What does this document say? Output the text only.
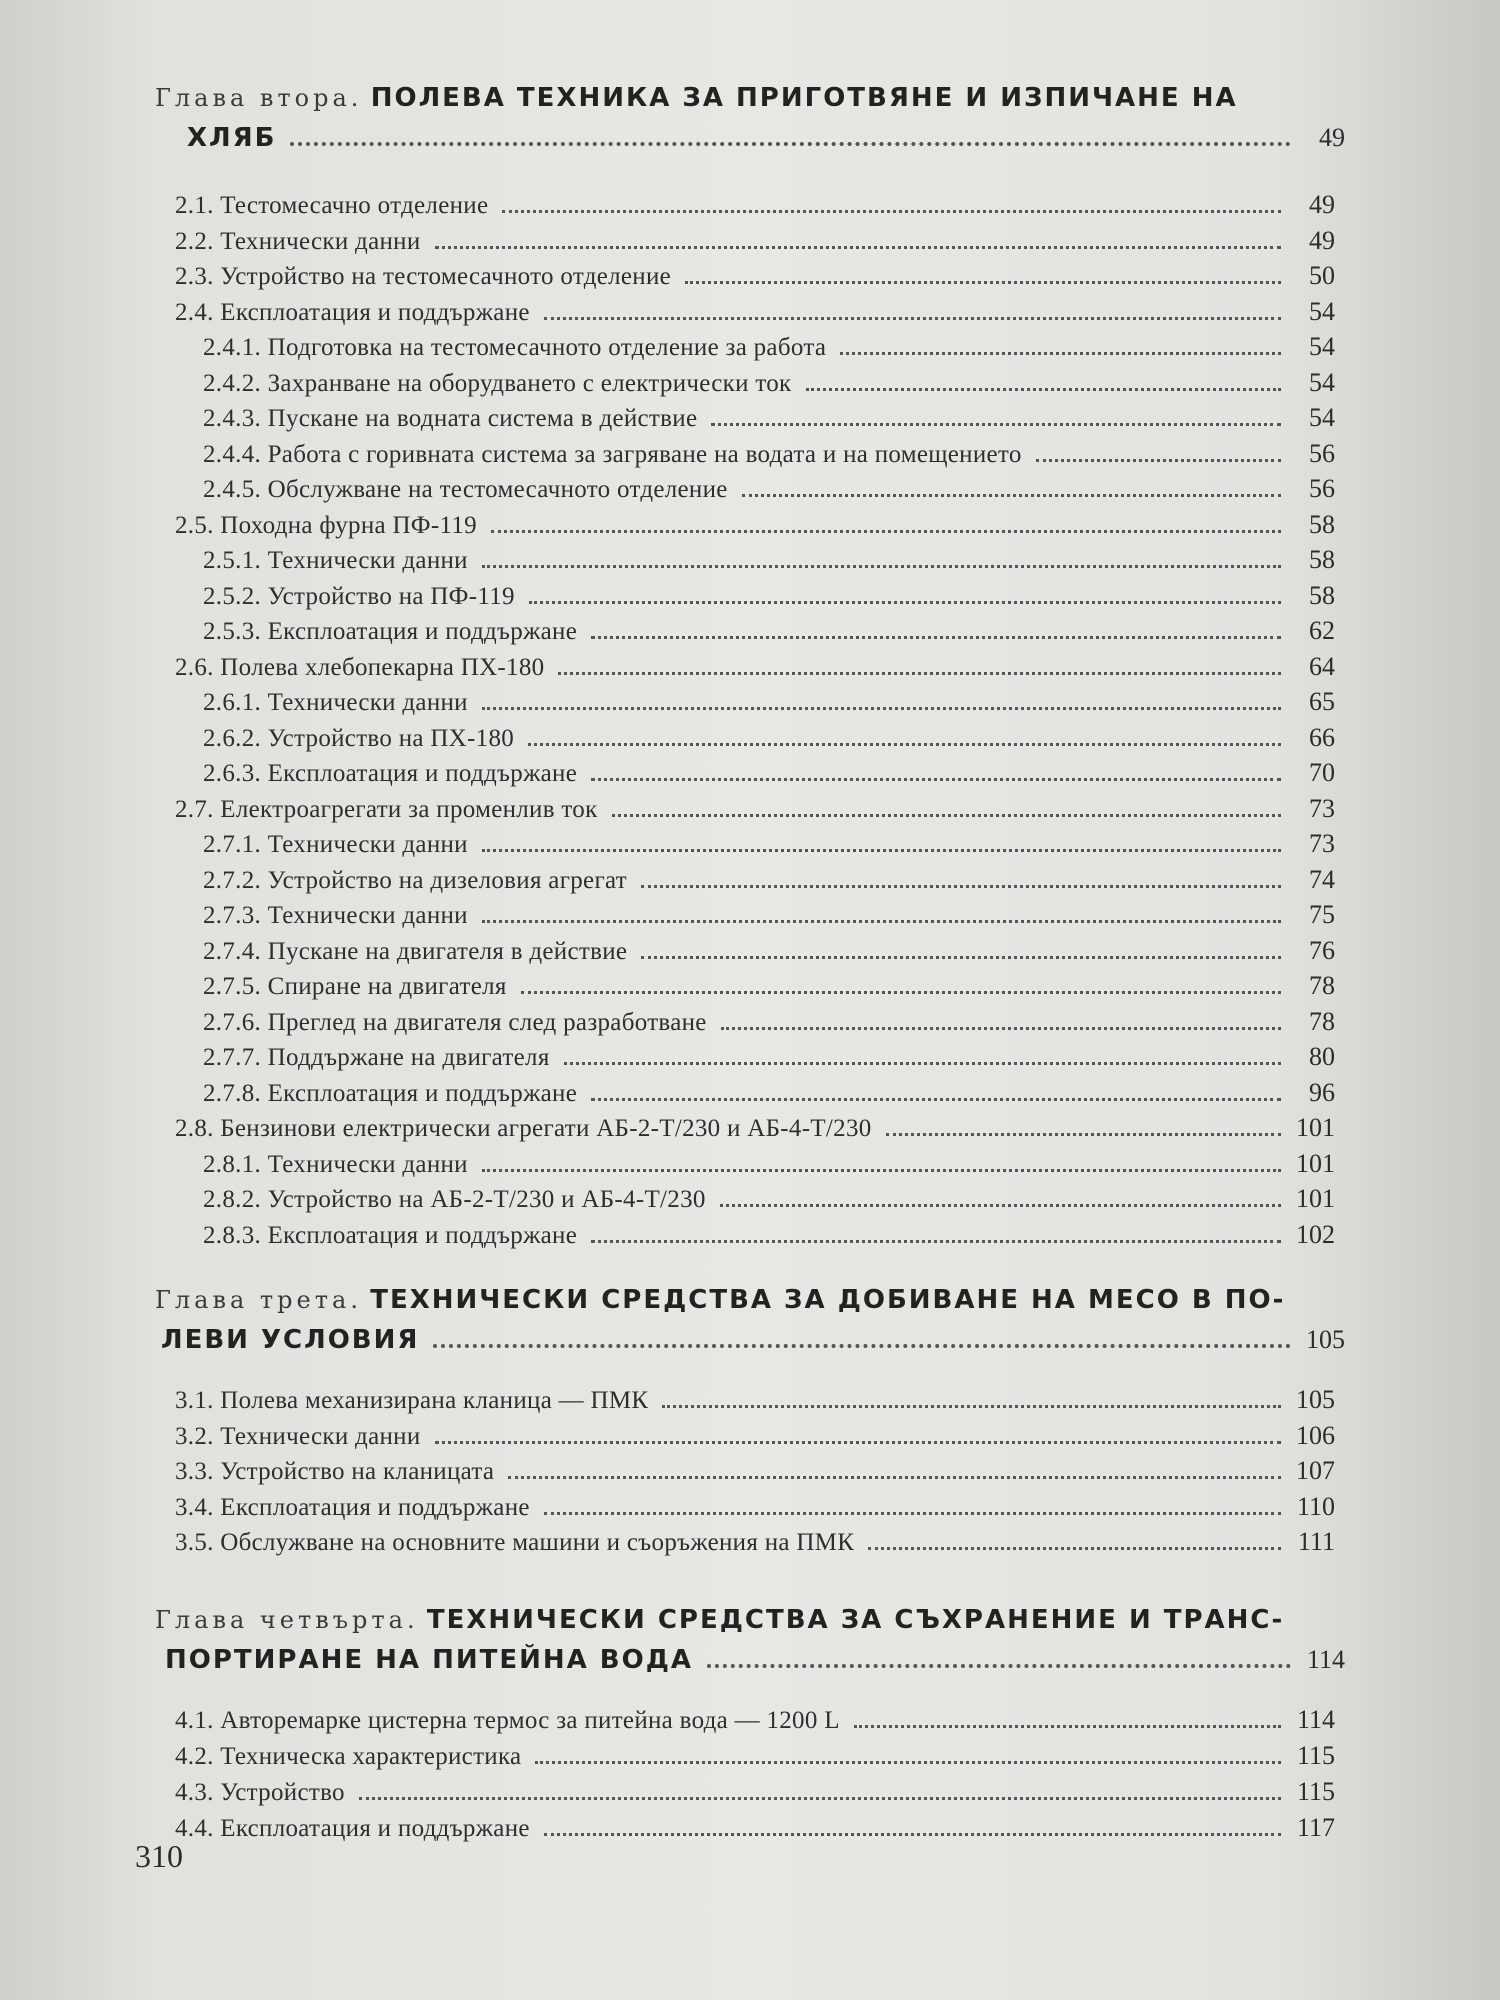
Глава втора. ПОЛЕВА ТЕХНИКА ЗА ПРИГОТВЯНЕ И ИЗПИЧАНЕ НА
ХЛЯБ	49
2.1. Тестомесачно отделение	49
2.2. Технически данни	49
2.3. Устройство на тестомесачното отделение	50
2.4. Експлоатация и поддържане	54
2.4.1. Подготовка на тестомесачното отделение за работа	54
2.4.2. Захранване на оборудването с електрически ток	54
2.4.3. Пускане на водната система в действие	54
2.4.4. Работа с горивната система за загряване на водата и на помещението	56
2.4.5. Обслужване на тестомесачното отделение	56
2.5. Походна фурна ПФ-119	58
2.5.1. Технически данни	58
2.5.2. Устройство на ПФ-119	58
2.5.3. Експлоатация и поддържане	62
2.6. Полева хлебопекарна ПХ-180	64
2.6.1. Технически данни	65
2.6.2. Устройство на ПХ-180	66
2.6.3. Експлоатация и поддържане	70
2.7. Електроагрегати за променлив ток	73
2.7.1. Технически данни	73
2.7.2. Устройство на дизеловия агрегат	74
2.7.3. Технически данни	75
2.7.4. Пускане на двигателя в действие	76
2.7.5. Спиране на двигателя	78
2.7.6. Преглед на двигателя след разработване	78
2.7.7. Поддържане на двигателя	80
2.7.8. Експлоатация и поддържане	96
2.8. Бензинови електрически агрегати АБ-2-Т/230 и АБ-4-Т/230	101
2.8.1. Технически данни	101
2.8.2. Устройство на АБ-2-Т/230 и АБ-4-Т/230	101
2.8.3. Експлоатация и поддържане	102
Глава трета. ТЕХНИЧЕСКИ СРЕДСТВА ЗА ДОБИВАНЕ НА МЕСО В ПО-
ЛЕВИ УСЛОВИЯ	105
3.1. Полева механизирана кланица — ПМК	105
3.2. Технически данни	106
3.3. Устройство на кланицата	107
3.4. Експлоатация и поддържане	110
3.5. Обслужване на основните машини и съоръжения на ПМК	111
Глава четвърта. ТЕХНИЧЕСКИ СРЕДСТВА ЗА СЪХРАНЕНИЕ И ТРАНС-
ПОРТИРАНЕ НА ПИТЕЙНА ВОДА	114
4.1. Авторемарке цистерна термос за питейна вода — 1200 L	114
4.2. Техническа характеристика	115
4.3. Устройство	115
4.4. Експлоатация и поддържане	117
310
